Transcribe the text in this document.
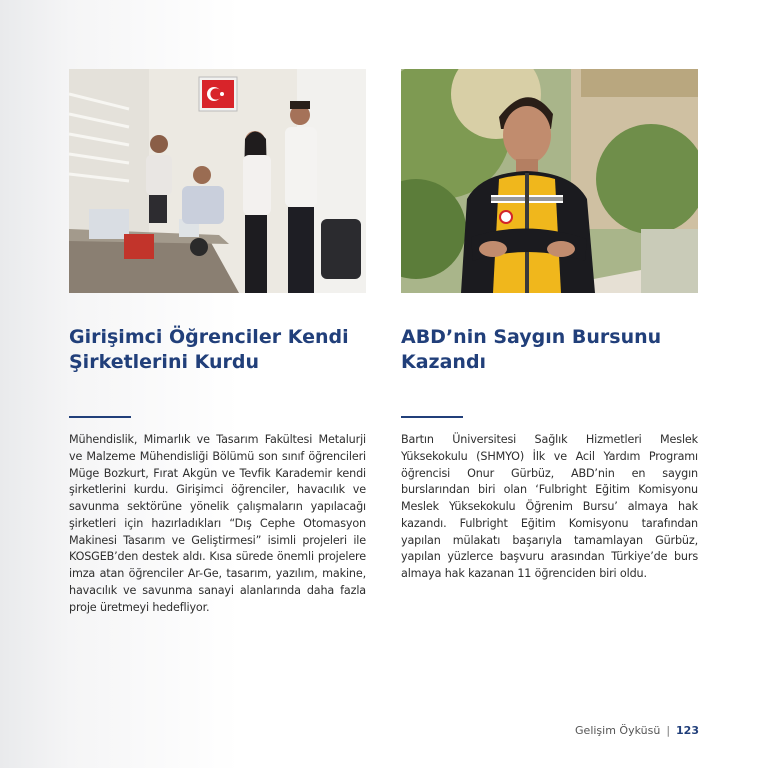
Girişimci Öğrenciler Kendi Şirketlerini Kurdu
ABD’nin Saygın Bursunu Kazandı

Mühendislik, Mimarlık ve Tasarım Fakültesi Metalurji ve Malzeme Mühendisliği Bölümü son sınıf öğrencileri Müge Bozkurt, Fırat Akgün ve Tevfik Karademir kendi şirketlerini kurdu. Girişimci öğrenciler, havacılık ve savunma sektörüne yönelik çalışmaların yapılacağı şirketleri için hazırladıkları “Dış Cephe Otomasyon Makinesi Tasarım ve Geliştirmesi” isimli projeleri ile KOSGEB’den destek aldı. Kısa sürede önemli projelere imza atan öğrenciler Ar-Ge, tasarım, yazılım, makine, havacılık ve savunma sanayi alanlarında daha fazla proje üretmeyi hedefliyor.

Bartın Üniversitesi Sağlık Hizmetleri Meslek Yüksekokulu (SHMYO) İlk ve Acil Yardım Programı öğrencisi Onur Gürbüz, ABD’nin en saygın burslarından biri olan ‘Fulbright Eğitim Komisyonu Meslek Yüksekokulu Öğrenim Bursu’ almaya hak kazandı. Fulbright Eğitim Komisyonu tarafından yapılan mülakatı başarıyla tamamlayan Gürbüz, yapılan yüzlerce başvuru arasından Türkiye’de burs almaya hak kazanan 11 öğrenciden biri oldu.

Gelişim Öyküsü | 123
